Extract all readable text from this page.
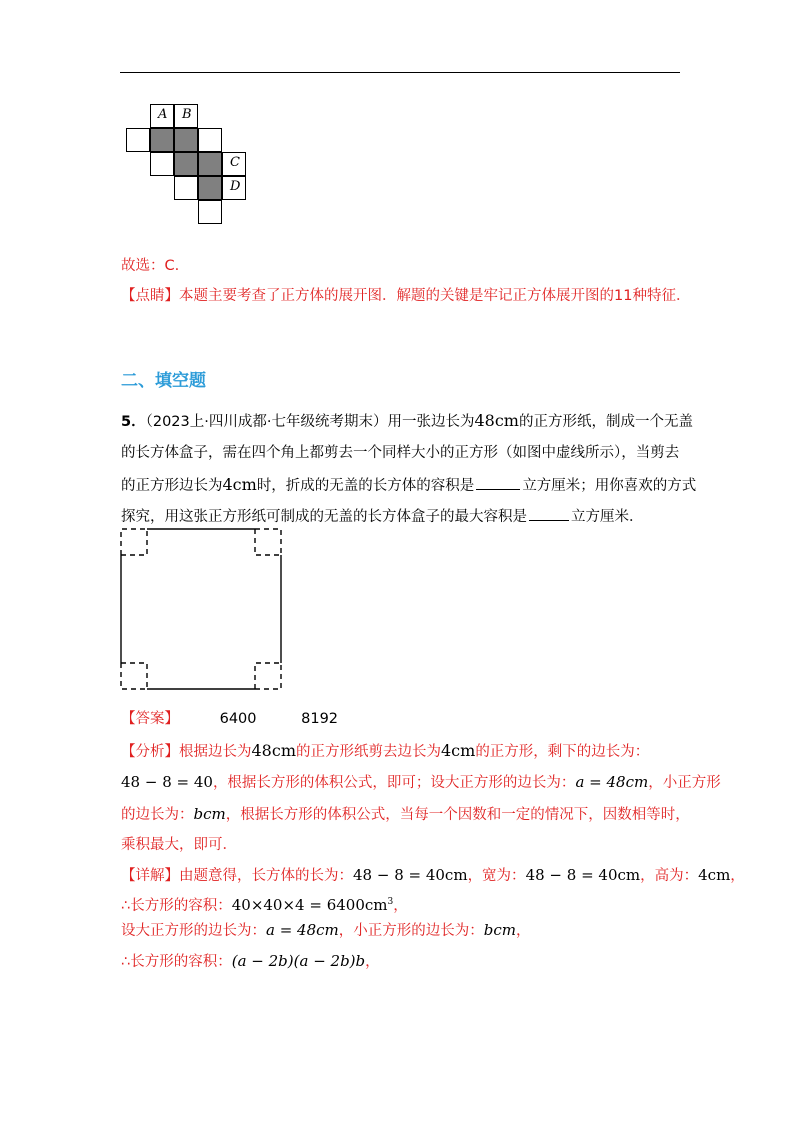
A B
C
D
故选：C.
【点睛】本题主要考查了正方体的展开图．解题的关键是牢记正方体展开图的11种特征．
二、填空题
5．（2023上·四川成都·七年级统考期末）用一张边长为48cm的正方形纸，制成一个无盖
的长方体盒子，需在四个角上都剪去一个同样大小的正方形（如图中虚线所示），当剪去
的正方形边长为4cm时，折成的无盖的长方体的容积是	立方厘米；用你喜欢的方式
探究，用这张正方形纸可制成的无盖的长方体盒子的最大容积是	立方厘米．
【答案】	6400	8192
【分析】根据边长为48cm的正方形纸剪去边长为4cm的正方形，剩下的边长为：
48 − 8 = 40，根据长方形的体积公式，即可；设大正方形的边长为：a = 48cm，小正方形
的边长为：bcm，根据长方形的体积公式，当每一个因数和一定的情况下，因数相等时，
乘积最大，即可．
【详解】由题意得，长方体的长为：48 − 8 = 40cm，宽为：48 − 8 = 40cm，高为：4cm，
∴长方形的容积：$40\times 40\times 4 = 6400cm^3$，
设大正方形的边长为：a = 48cm，小正方形的边长为：bcm，
∴长方形的容积：(a − 2b)(a − 2b)b，
